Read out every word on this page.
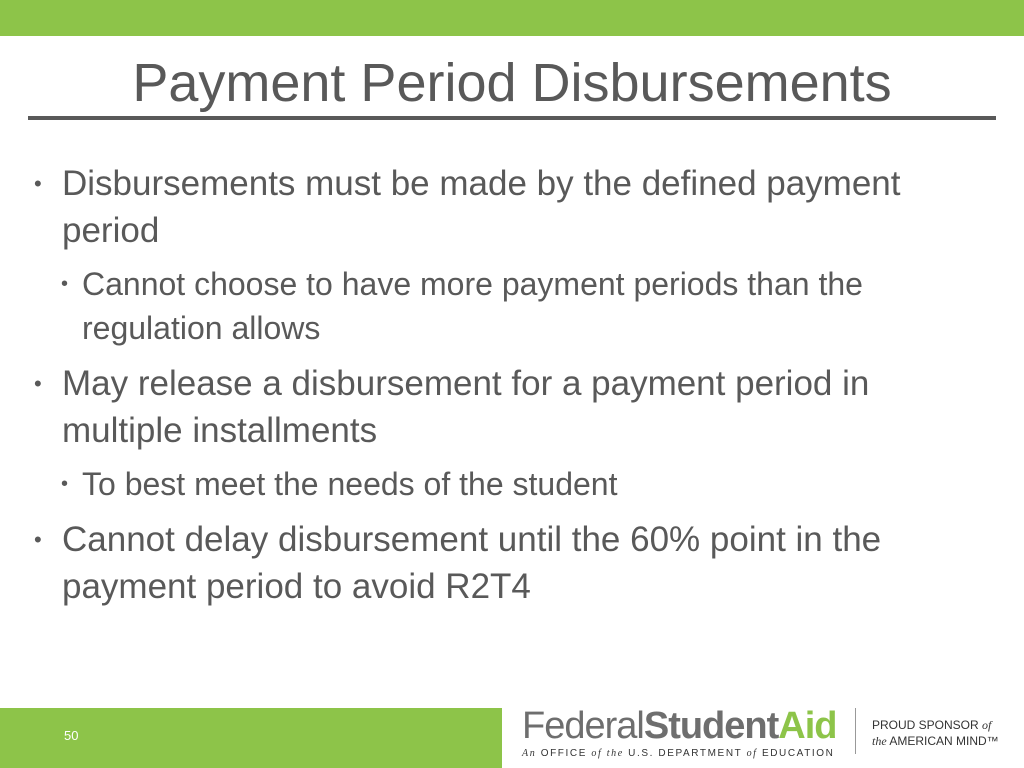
Payment Period Disbursements
• Disbursements must be made by the defined payment period
• Cannot choose to have more payment periods than the regulation allows
• May release a disbursement for a payment period in multiple installments
• To best meet the needs of the student
• Cannot delay disbursement until the 60% point in the payment period to avoid R2T4
50	FederalStudentAid
An OFFICE of the U.S. DEPARTMENT of EDUCATION
PROUD SPONSOR of
the AMERICAN MIND™
